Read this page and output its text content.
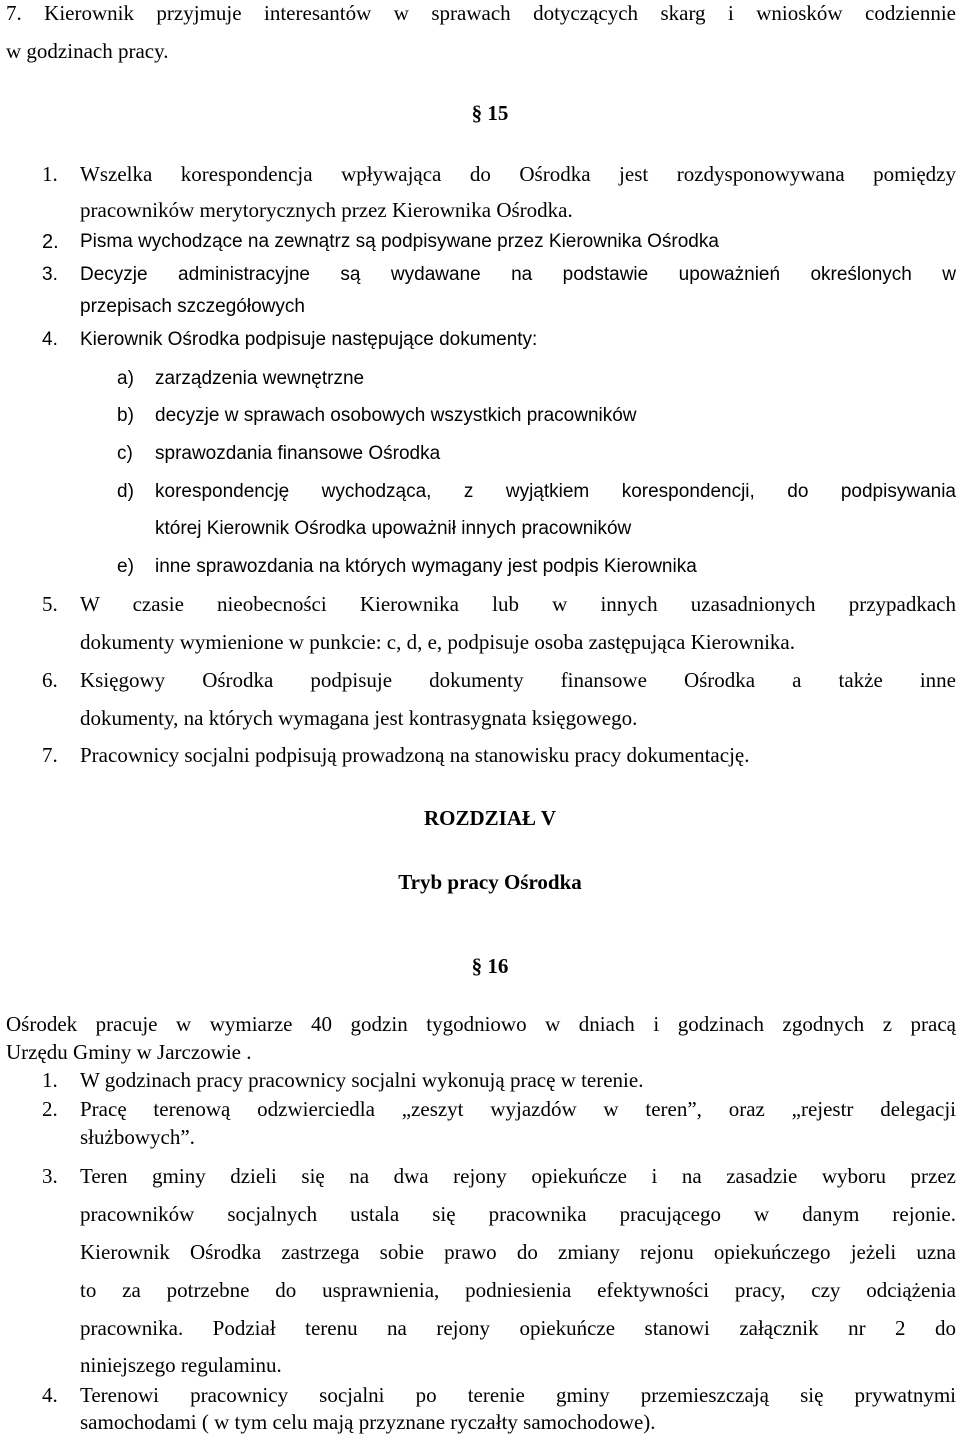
7. Kierownik przyjmuje interesantów w sprawach dotyczących skarg i wniosków codziennie
w godzinach pracy.
§ 15
1. Wszelka korespondencja wpływająca do Ośrodka jest rozdysponowywana pomiędzy
pracowników merytorycznych przez Kierownika Ośrodka.
2. Pisma wychodzące na zewnątrz są podpisywane przez Kierownika Ośrodka
3. Decyzje administracyjne są wydawane na podstawie upoważnień określonych w
przepisach szczegółowych
4. Kierownik Ośrodka podpisuje następujące dokumenty:
a) zarządzenia wewnętrzne
b) decyzje w sprawach osobowych wszystkich pracowników
c) sprawozdania finansowe Ośrodka
d) korespondencję wychodząca, z wyjątkiem korespondencji, do podpisywania
której Kierownik Ośrodka upoważnił innych pracowników
e) inne sprawozdania na których wymagany jest podpis Kierownika
5. W czasie nieobecności Kierownika lub w innych uzasadnionych przypadkach
dokumenty wymienione w punkcie: c, d, e, podpisuje osoba zastępująca Kierownika.
6. Księgowy Ośrodka podpisuje dokumenty finansowe Ośrodka a także inne
dokumenty, na których wymagana jest kontrasygnata księgowego.
7. Pracownicy socjalni podpisują prowadzoną na stanowisku pracy dokumentację.
ROZDZIAŁ V
Tryb pracy Ośrodka
§ 16
Ośrodek pracuje w wymiarze 40 godzin tygodniowo w dniach i godzinach zgodnych z pracą
Urzędu Gminy w Jarczowie .
1. W godzinach pracy pracownicy socjalni wykonują pracę w terenie.
2. Pracę terenową odzwierciedla „zeszyt wyjazdów w teren”, oraz „rejestr delegacji
służbowych”.
3. Teren gminy dzieli się na dwa rejony opiekuńcze i na zasadzie wyboru przez
pracowników socjalnych ustala się pracownika pracującego w danym rejonie.
Kierownik Ośrodka zastrzega sobie prawo do zmiany rejonu opiekuńczego jeżeli uzna
to za potrzebne do usprawnienia, podniesienia efektywności pracy, czy odciążenia
pracownika. Podział terenu na rejony opiekuńcze stanowi załącznik nr 2 do
niniejszego regulaminu.
4. Terenowi pracownicy socjalni po terenie gminy przemieszczają się prywatnymi
samochodami ( w tym celu mają przyznane ryczałty samochodowe).
